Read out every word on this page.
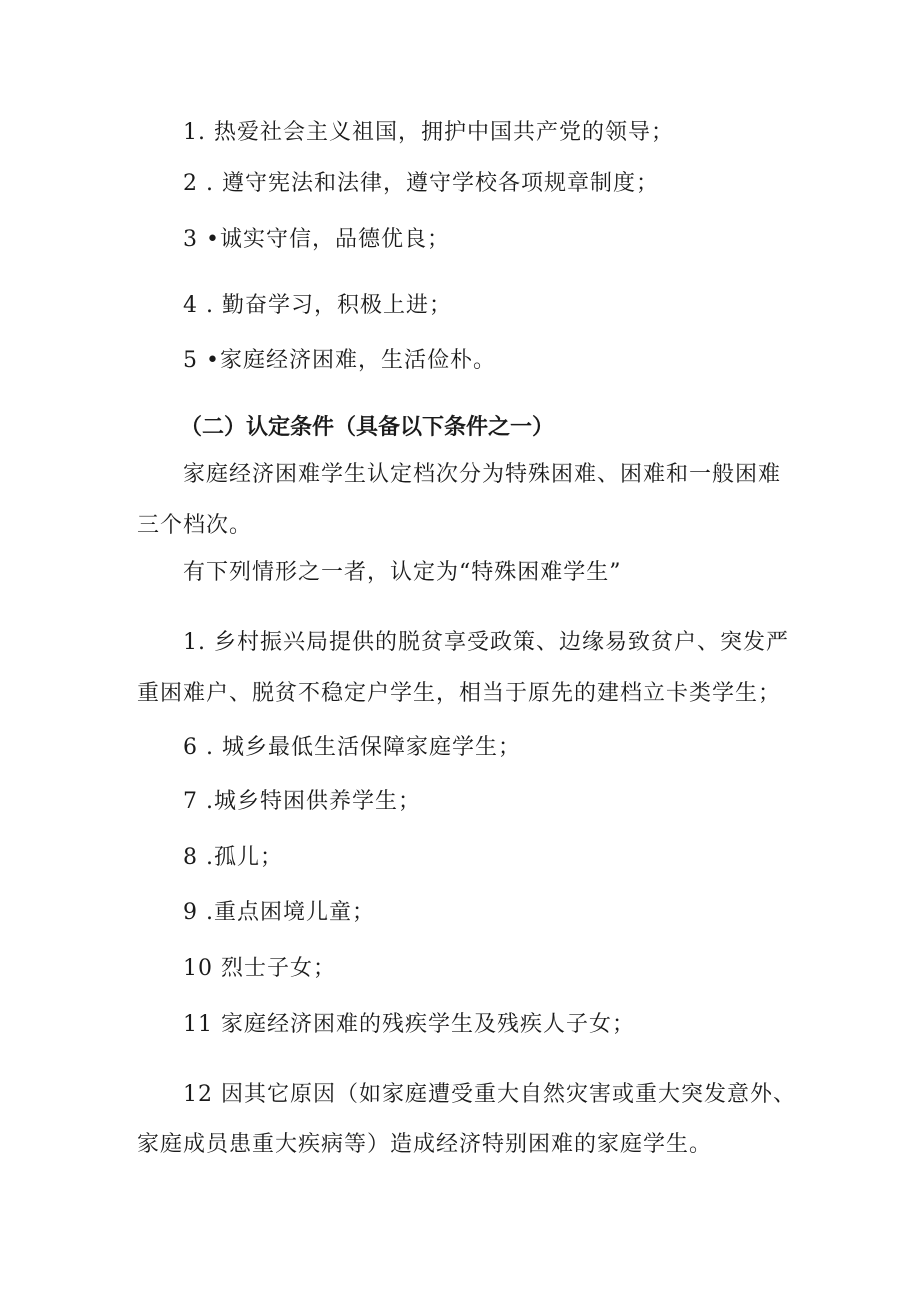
1. 热爱社会主义祖国，拥护中国共产党的领导；
2 . 遵守宪法和法律，遵守学校各项规章制度；
3 •诚实守信，品德优良；
4 . 勤奋学习，积极上进；
5 •家庭经济困难，生活俭朴。
（二）认定条件（具备以下条件之一）
家庭经济困难学生认定档次分为特殊困难、困难和一般困难
三个档次。
有下列情形之一者，认定为“特殊困难学生”
1. 乡村振兴局提供的脱贫享受政策、边缘易致贫户、突发严
重困难户、脱贫不稳定户学生，相当于原先的建档立卡类学生；
6 . 城乡最低生活保障家庭学生；
7 .城乡特困供养学生；
8 .孤儿；
9 .重点困境儿童；
10 烈士子女；
11 家庭经济困难的残疾学生及残疾人子女；
12 因其它原因（如家庭遭受重大自然灾害或重大突发意外、
家庭成员患重大疾病等）造成经济特别困难的家庭学生。
